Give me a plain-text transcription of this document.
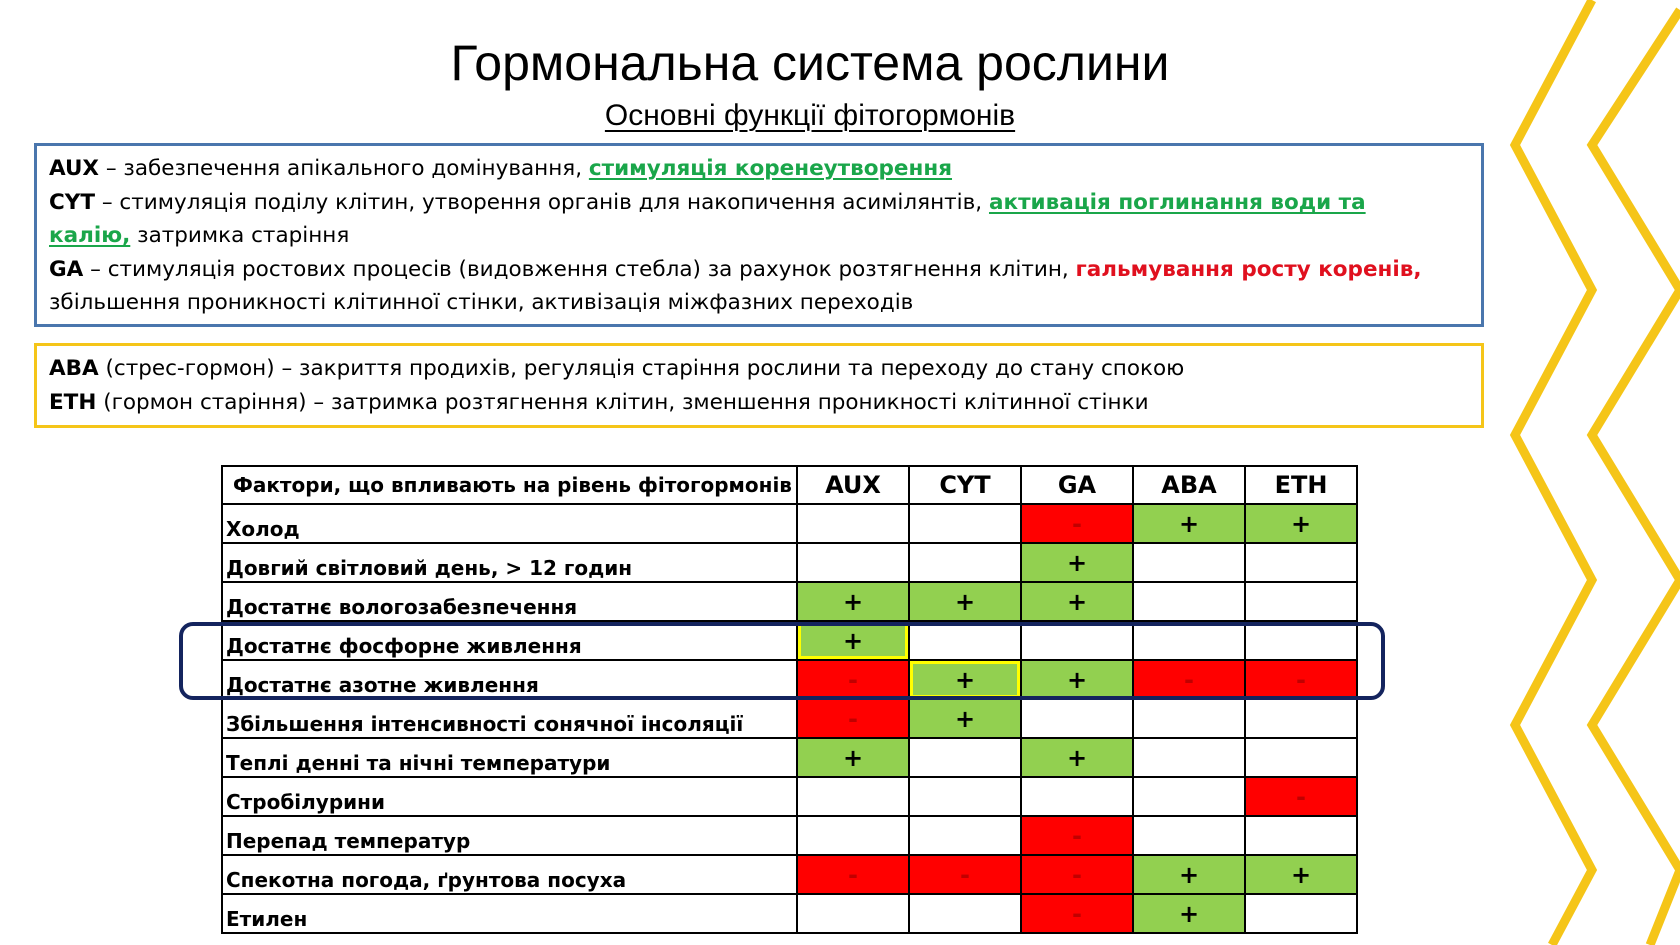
Гормональна система рослини
Основні функції фітогормонів
AUX – забезпечення апікального домінування, стимуляція коренеутворення
CYT – стимуляція поділу клітин, утворення органів для накопичення асимілянтів, активація поглинання води та
калію, затримка старіння
GA – стимуляція ростових процесів (видовження стебла) за рахунок розтягнення клітин, гальмування росту коренів,
збільшення проникності клітинної стінки, активізація міжфазних переходів
ABA (стрес-гормон) – закриття продихів, регуляція старіння рослини та переходу до стану спокою
ETH (гормон старіння) – затримка розтягнення клітин, зменшення проникності клітинної стінки
Фактори, що впливають на рівень фітогормонів	AUX	CYT	GA	ABA	ETH
Холод			-	+	+
Довгий світловий день, > 12 годин			+		
Достатнє вологозабезпечення	+	+	+		
Достатнє фосфорне живлення	+				
Достатнє азотне живлення	-	+	+	-	-
Збільшення інтенсивності сонячної інсоляції	-	+			
Теплі денні та нічні температури	+		+		
Стробілурини					-
Перепад температур			-		
Спекотна погода, ґрунтова посуха	-	-	-	+	+
Етилен			-	+	
